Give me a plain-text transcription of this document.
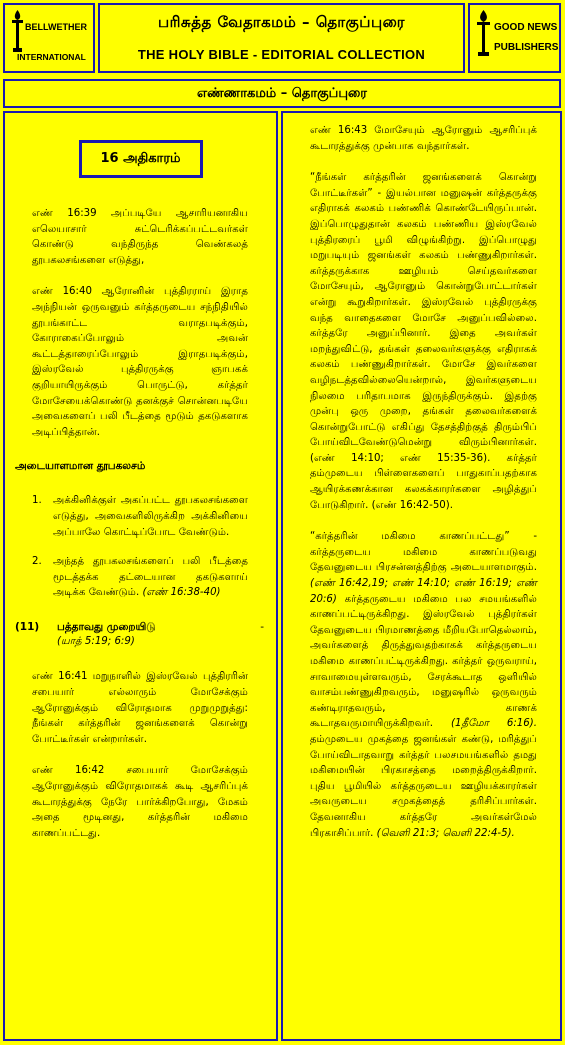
BELLWETHER
INTERNATIONAL
பரிசுத்த வேதாகமம் – தொகுப்புரை
THE HOLY BIBLE - EDITORIAL COLLECTION
GOOD NEWS
PUBLISHERS
எண்ணாகமம் – தொகுப்புரை
16 அதிகாரம்

எண் 16:39 அப்படியே ஆசாரியனாகிய எலெயாசார் சுட்டெரிக்கப்பட்டவர்கள் கொண்டு வந்திருந்த வெண்கலத் தூபகலசங்களை எடுத்து,

எண் 16:40 ஆரோனின் புத்திரராய் இராத அந்நியன் ஒருவனும் கர்த்தருடைய சந்நிதியில் தூபங்காட்ட வராதபடிக்கும், கோராகைப்போலும் அவன் கூட்டத்தாரைப்போலும் இராதபடிக்கும், இஸ்ரவேல் புத்திரருக்கு ஞாபகக் குறியாயிருக்கும் பொருட்டு, கர்த்தர் மோசேயைக்கொண்டு தனக்குச் சொன்னபடியே அவைகளைப் பலி பீடத்தை மூடும் தகடுகளாக அடிப்பித்தான்.

அடையாளமான தூபகலசம்

1.	அக்கினிக்குள் அகப்பட்ட தூபகலசங்களை எடுத்து, அவைகளிலிருக்கிற அக்கினியை அப்பாலே கொட்டிப்போட வேண்டும்.
2.	அந்தத் தூபகலசங்களைப் பலி பீடத்தை மூடத்தக்க தட்டையான தகடுகளாய் அடிக்க வேண்டும். (எண் 16:38-40)
(11)	பத்தாவது முறையிடு	-
(யாத் 5:19; 6:9)

எண் 16:41 மறுநாளில் இஸ்ரவேல் புத்திரரின் சபையார் எல்லாரும் மோசேக்கும் ஆரோனுக்கும் விரோதமாக முறுமுறுத்து: நீங்கள் கர்த்தரின் ஜனங்களைக் கொன்று போட்டீர்கள் என்றார்கள்.

எண் 16:42 சபையார் மோசேக்கும் ஆரோனுக்கும் விரோதமாகக் கூடி ஆசரிப்புக் கூடாரத்துக்கு நேரே பார்க்கிறபோது, மேகம் அதை மூடினது, கர்த்தரின் மகிமை காணப்பட்டது.

எண் 16:43 மோசேயும் ஆரோனும் ஆசரிப்புக் கூடாரத்துக்கு முன்பாக வந்தார்கள்.

“நீங்கள் கர்த்தரின் ஜனங்களைக் கொன்று போட்டீர்கள்” - இயல்பான மனுஷன் கர்த்தருக்கு எதிராகக் கலகம் பண்ணிக் கொண்டேயிருப்பான். இப்பொழுதுதான் கலகம் பண்ணிய இஸ்ரவேல் புத்திரரைப் பூமி விழுங்கிற்று. இப்பொழுது மறுபடியும் ஜனங்கள் கலகம் பண்ணுகிறார்கள். கர்த்தருக்காக ஊழியம் செய்தவர்களை மோசேயும், ஆரோனும் கொன்றுபோட்டார்கள் என்று கூறுகிறார்கள். இஸ்ரவேல் புத்திரருக்கு வந்த வாதைகளை மோசே அனுப்பவில்லை. கர்த்தரே அனுப்பினார். இதை அவர்கள் மறந்துவிட்டு, தங்கள் தலைவர்களுக்கு எதிராகக் கலகம் பண்ணுகிறார்கள். மோசே இவர்களை வழிநடத்தவில்லையென்றால், இவர்களுடைய நிலமை பரிதாபமாக இருந்திருக்கும். இதற்கு முன்பு ஒரு முறை, தங்கள் தலைவர்களைக் கொன்றுபோட்டு எகிப்து தேசத்திற்குத் திரும்பிப் போய்விடவேண்டுமென்று விரும்பினார்கள். (எண் 14:10; எண் 15:35-36). கர்த்தர் தம்முடைய பிள்ளைகளைப் பாதுகாப்பதற்காக ஆயிரக்கணக்கான கலகக்காரர்களை அழித்துப் போடுகிறார். (எண் 16:42-50).

“கர்த்தரின் மகிமை காணப்பட்டது” - கர்த்தருடைய மகிமை காணப்படுவது தேவனுடைய பிரசன்னத்திற்கு அடையாளமாகும். (எண் 16:42,19; எண் 14:10; எண் 16:19; எண் 20:6) கர்த்தருடைய மகிமை பல சமயங்களில் காணப்பட்டிருக்கிறது. இஸ்ரவேல் புத்திரர்கள் தேவனுடைய பிரமாணத்தை மீறியபோதெல்லாம், அவர்களைத் திருத்துவதற்காகக் கர்த்தருடைய மகிமை காணப்பட்டிருக்கிறது. கர்த்தர் ஒருவராய், சாவாமையுள்ளவரும், சேரக்கூடாத ஒளியில் வாசம்பண்ணுகிறவரும், மனுஷரில் ஒருவரும் கண்டிராதவரும், காணக் கூடாதவருமாயிருக்கிறவர். (1தீமோ 6:16). தம்முடைய முகத்தை ஜனங்கள் கண்டு, மரித்துப் போய்விடாதவாறு கர்த்தர் பலசமயங்களில் தமது மகிமையின் பிரகாசத்தை மறைத்திருக்கிறார். புதிய பூமியில் கர்த்தருடைய ஊழியக்காரர்கள் அவருடைய சமுகத்தைத் தரிசிப்பார்கள். தேவனாகிய கர்த்தரே அவர்கள்மேல் பிரகாசிப்பார். (வெளி 21:3; வெளி 22:4-5).
